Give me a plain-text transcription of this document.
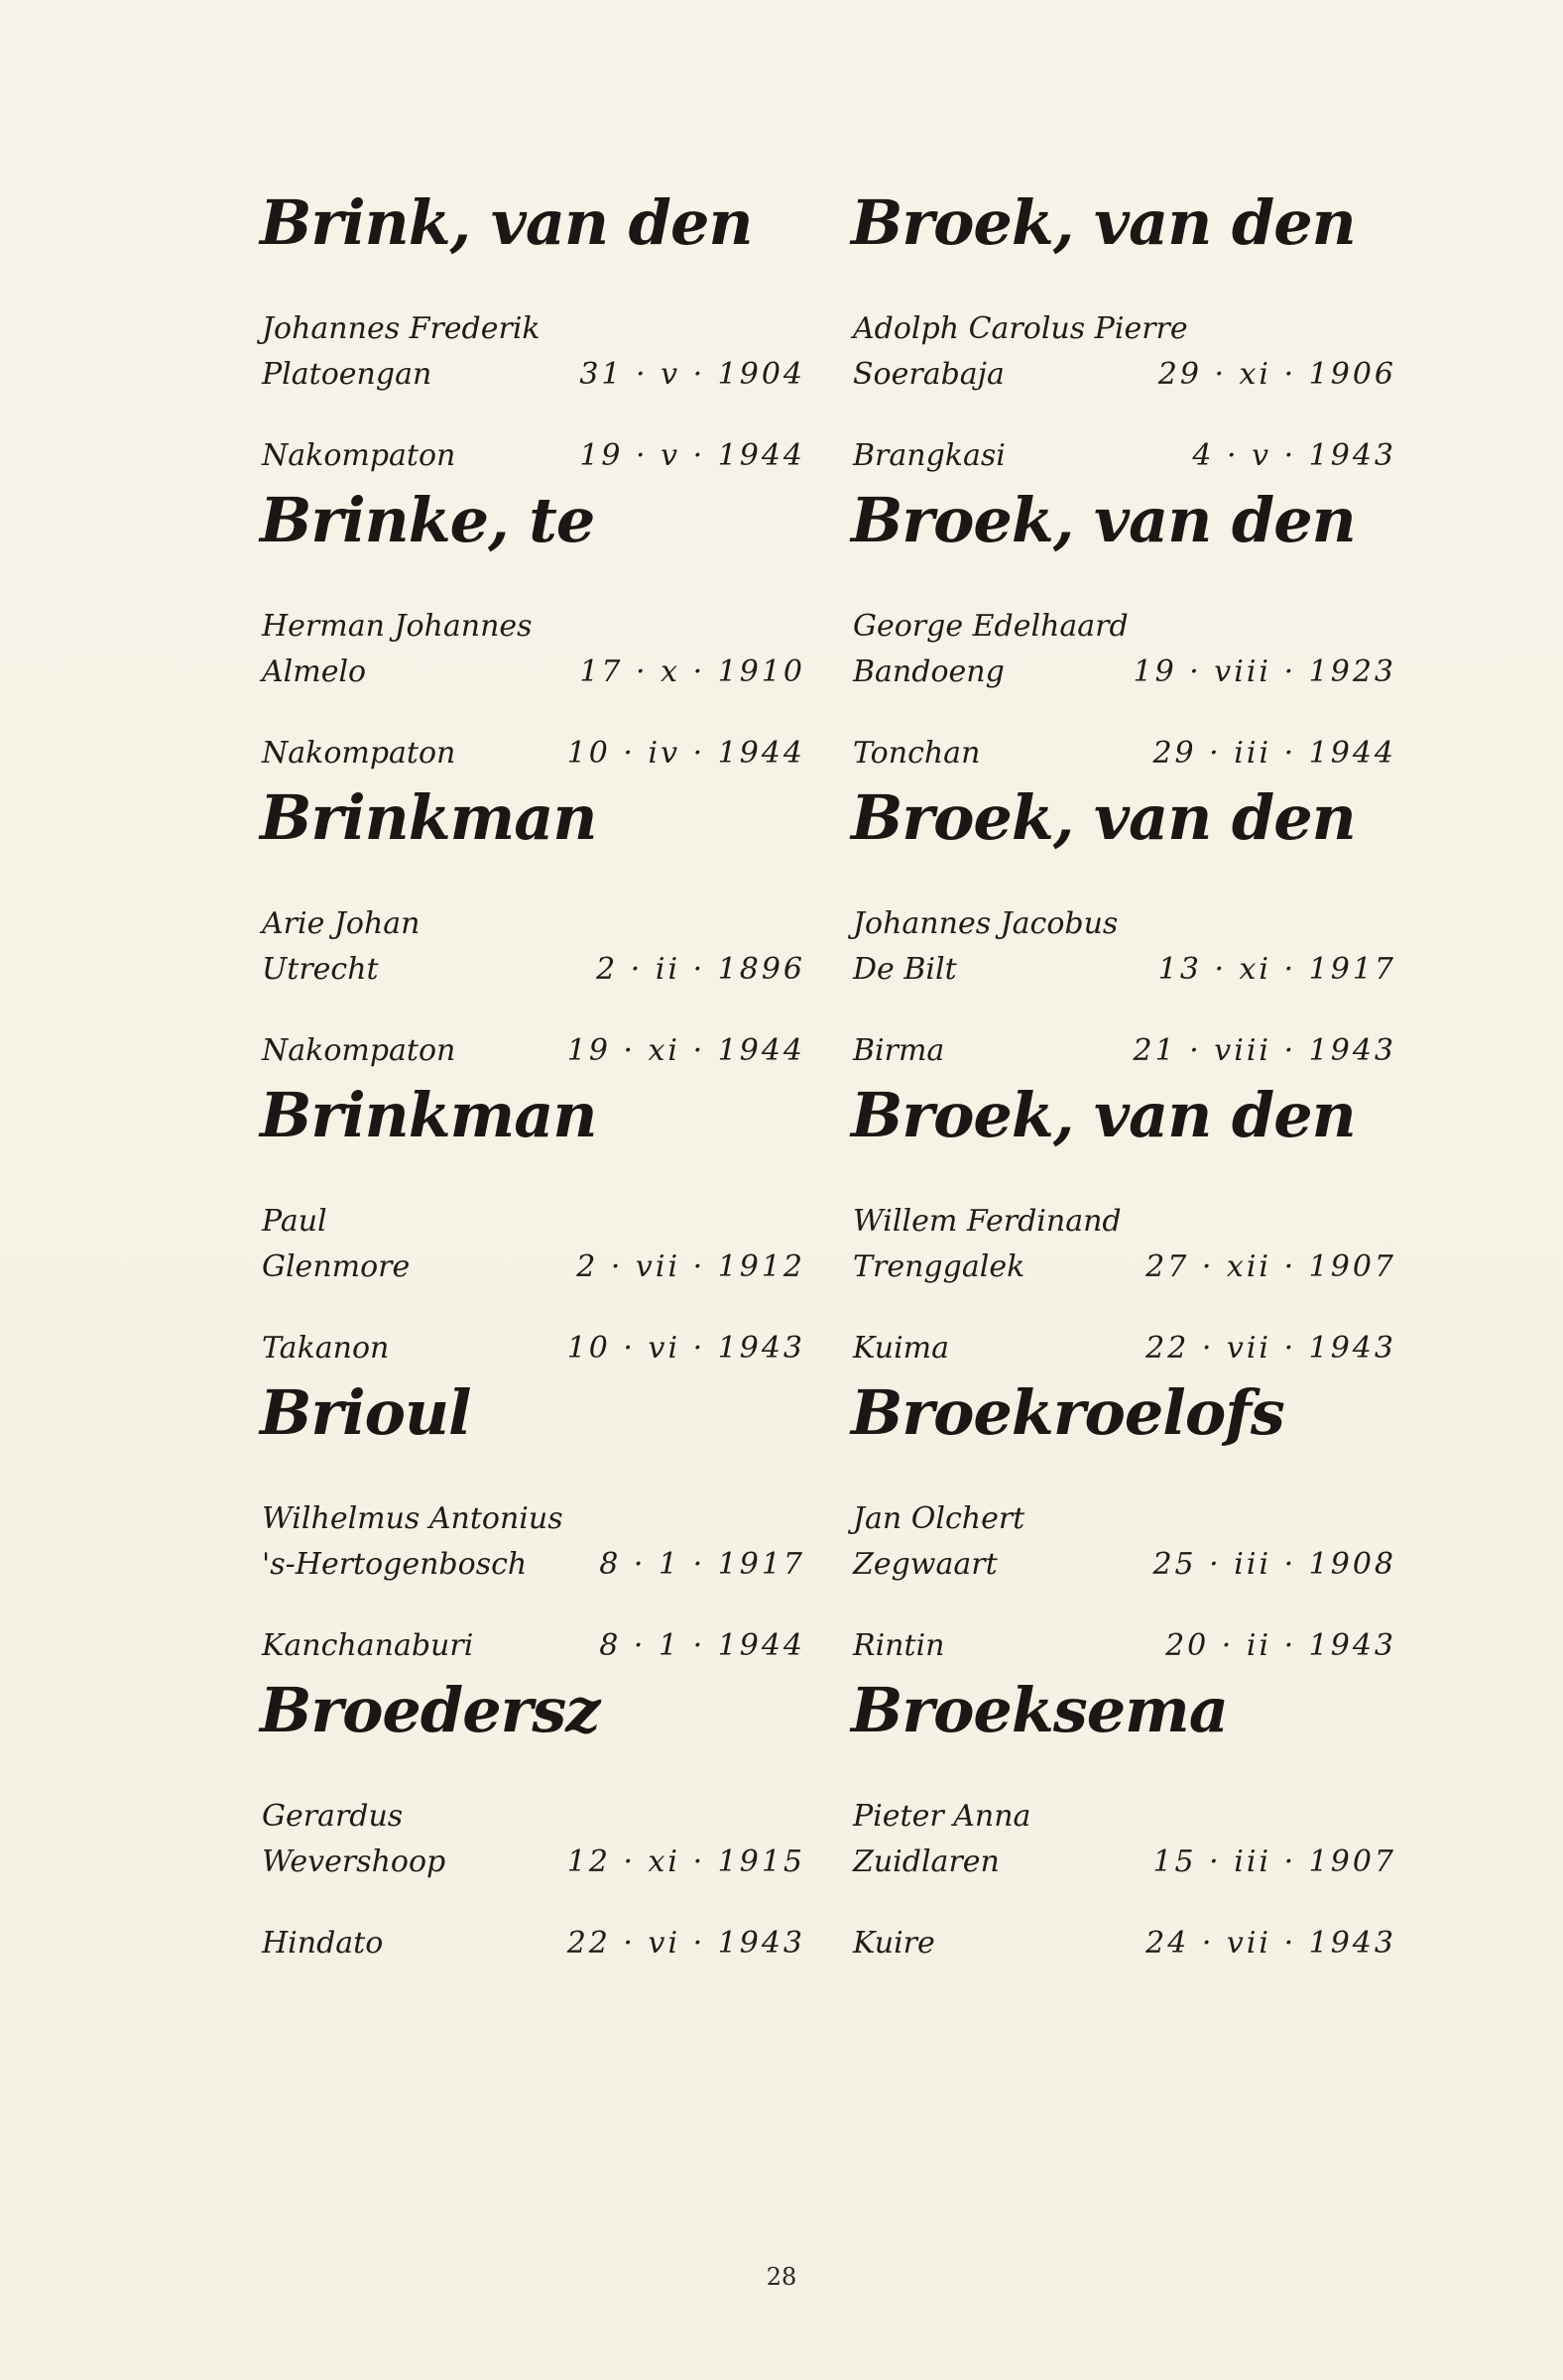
Brink, van den
Johannes Frederik
Platoengan	31 · v · 1904
Nakompaton	19 · v · 1944
Brinke, te
Herman Johannes
Almelo	17 · x · 1910
Nakompaton	10 · iv · 1944
Brinkman
Arie Johan
Utrecht	2 · ii · 1896
Nakompaton	19 · xi · 1944
Brinkman
Paul
Glenmore	2 · vii · 1912
Takanon	10 · vi · 1943
Brioul
Wilhelmus Antonius
's-Hertogenbosch 8 · 1 · 1917
Kanchanaburi	8 · 1 · 1944
Broedersz
Gerardus
Wevershoop	12 · xi · 1915
Hindato	22 · vi · 1943
Broek, van den
Adolph Carolus Pierre
Soerabaja	29 · xi · 1906
Brangkasi	4 · v · 1943
Broek, van den
George Edelhaard
Bandoeng	19 · viii · 1923
Tonchan	29 · iii · 1944
Broek, van den
Johannes Jacobus
De Bilt	13 · xi · 1917
Birma	21 · viii · 1943
Broek, van den
Willem Ferdinand
Trenggalek	27 · xii · 1907
Kuima	22 · vii · 1943
Broekroelofs
Jan Olchert
Zegwaart	25 · iii · 1908
Rintin	20 · ii · 1943
Broeksema
Pieter Anna
Zuidlaren	15 · iii · 1907
Kuire	24 · vii · 1943
28
